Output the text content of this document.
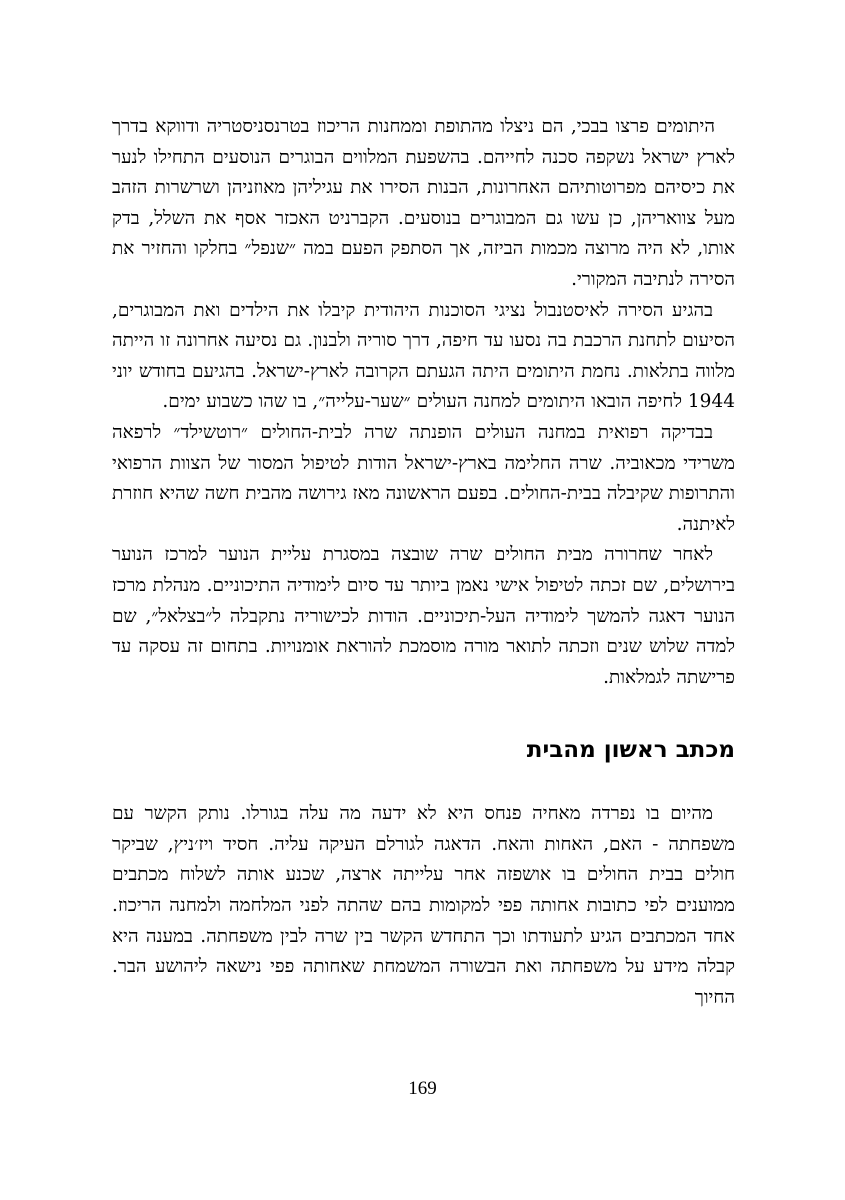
היתומים פרצו בבכי, הם ניצלו מהתופת וממחנות הריכוז בטרנסניסטריה ודווקא בדרך לארץ ישראל נשקפה סכנה לחייהם. בהשפעת המלווים הבוגרים הנוסעים התחילו לנער את כיסיהם מפרוטותיהם האחרונות, הבנות הסירו את עגיליהן מאוזניהן ושרשרות הזהב מעל צוואריהן, כן עשו גם המבוגרים בנוסעים. הקברניט האכזר אסף את השלל, בדק אותו, לא היה מרוצה מכמות הביזה, אך הסתפק הפעם במה ״שנפל״ בחלקו והחזיר את הסירה לנתיבה המקורי.

בהגיע הסירה לאיסטנבול נציגי הסוכנות היהודית קיבלו את הילדים ואת המבוגרים, הסיעום לתחנת הרכבת בה נסעו עד חיפה, דרך סוריה ולבנון. גם נסיעה אחרונה זו הייתה מלווה בתלאות. נחמת היתומים היתה הגעתם הקרובה לארץ-ישראל. בהגיעם בחודש יוני 1944 לחיפה הובאו היתומים למחנה העולים ״שער-עלייה״, בו שהו כשבוע ימים.

בבדיקה רפואית במחנה העולים הופנתה שרה לבית-החולים ״רוטשילד״ לרפאה משרידי מכאוביה. שרה החלימה בארץ-ישראל הודות לטיפול המסור של הצוות הרפואי והתרופות שקיבלה בבית-החולים. בפעם הראשונה מאז גירושה מהבית חשה שהיא חוזרת לאיתנה.

לאחר שחרורה מבית החולים שרה שובצה במסגרת עליית הנוער למרכז הנוער בירושלים, שם זכתה לטיפול אישי נאמן ביותר עד סיום לימודיה התיכוניים. מנהלת מרכז הנוער דאגה להמשך לימודיה העל-תיכוניים. הודות לכישוריה נתקבלה ל״בצלאל״, שם למדה שלוש שנים וזכתה לתואר מורה מוסמכת להוראת אומנויות. בתחום זה עסקה עד פרישתה לגמלאות.

מכתב ראשון מהבית

מהיום בו נפרדה מאחיה פנחס היא לא ידעה מה עלה בגורלו. נותק הקשר עם משפחתה - האם, האחות והאח. הדאגה לגורלם העיקה עליה. חסיד ויז׳ניץ, שביקר חולים בבית החולים בו אושפזה אחר עלייתה ארצה, שכנע אותה לשלוח מכתבים ממוענים לפי כתובות אחותה פפי למקומות בהם שהתה לפני המלחמה ולמחנה הריכוז. אחד המכתבים הגיע לתעודתו וכך התחדש הקשר בין שרה לבין משפחתה. במענה היא קבלה מידע על משפחתה ואת הבשורה המשמחת שאחותה פפי נישאה ליהושע הבר. החיוך

169
